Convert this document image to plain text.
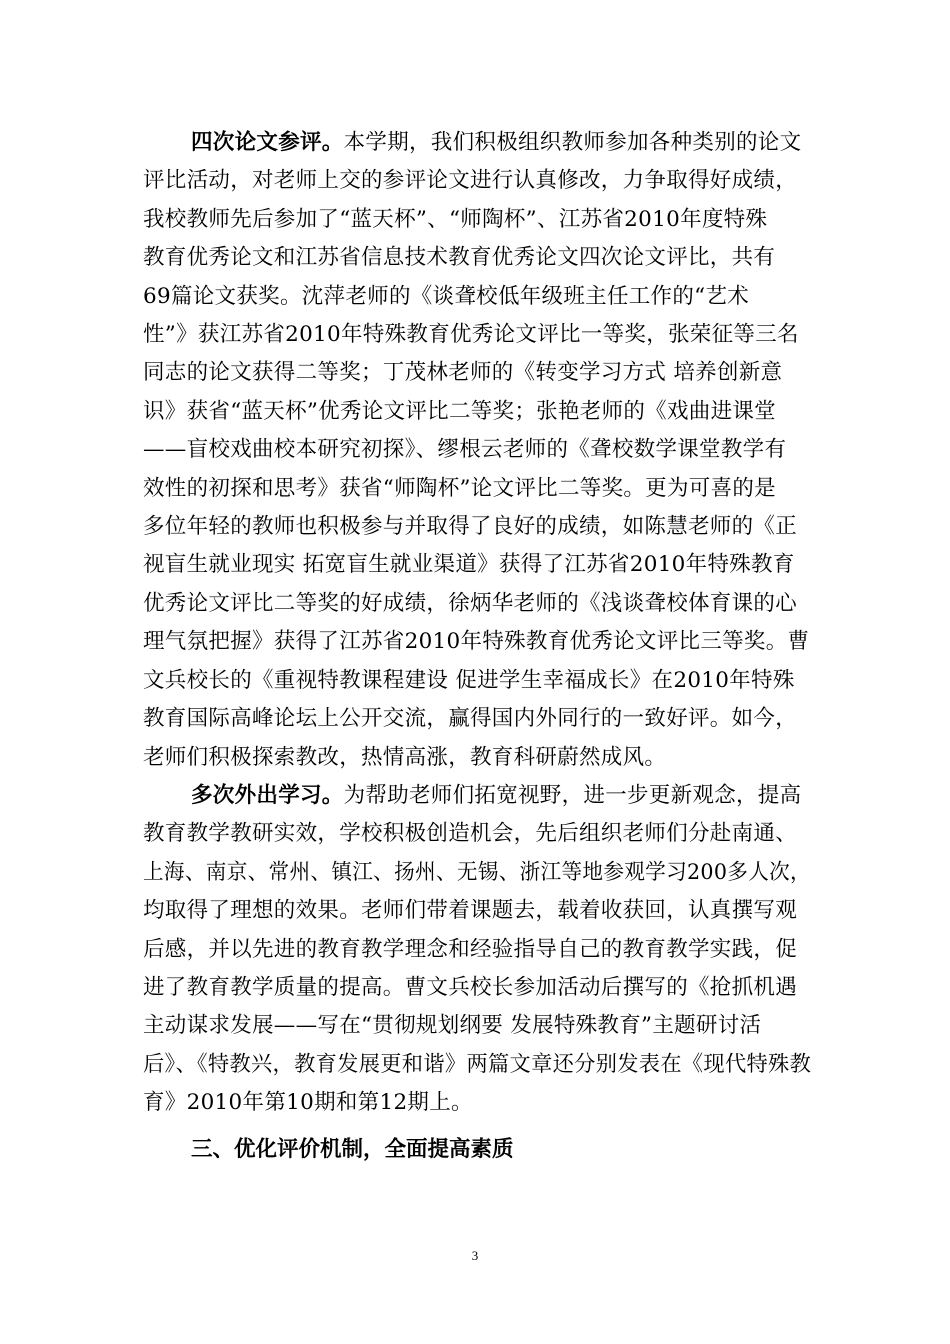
四次论文参评。本学期，我们积极组织教师参加各种类别的论文
评比活动，对老师上交的参评论文进行认真修改，力争取得好成绩，
我校教师先后参加了“蓝天杯”、“师陶杯”、江苏省2010年度特殊
教育优秀论文和江苏省信息技术教育优秀论文四次论文评比，共有
69篇论文获奖。沈萍老师的《谈聋校低年级班主任工作的“艺术
性”》获江苏省2010年特殊教育优秀论文评比一等奖，张荣征等三名
同志的论文获得二等奖；丁茂林老师的《转变学习方式 培养创新意
识》获省“蓝天杯”优秀论文评比二等奖；张艳老师的《戏曲进课堂
——盲校戏曲校本研究初探》、缪根云老师的《聋校数学课堂教学有
效性的初探和思考》获省“师陶杯”论文评比二等奖。更为可喜的是
多位年轻的教师也积极参与并取得了良好的成绩，如陈慧老师的《正
视盲生就业现实 拓宽盲生就业渠道》获得了江苏省2010年特殊教育
优秀论文评比二等奖的好成绩，徐炳华老师的《浅谈聋校体育课的心
理气氛把握》获得了江苏省2010年特殊教育优秀论文评比三等奖。曹
文兵校长的《重视特教课程建设 促进学生幸福成长》在2010年特殊
教育国际高峰论坛上公开交流，赢得国内外同行的一致好评。如今，
老师们积极探索教改，热情高涨，教育科研蔚然成风。
多次外出学习。为帮助老师们拓宽视野，进一步更新观念，提高
教育教学教研实效，学校积极创造机会，先后组织老师们分赴南通、
上海、南京、常州、镇江、扬州、无锡、浙江等地参观学习200多人次，
均取得了理想的效果。老师们带着课题去，载着收获回，认真撰写观
后感，并以先进的教育教学理念和经验指导自己的教育教学实践，促
进了教育教学质量的提高。曹文兵校长参加活动后撰写的《抢抓机遇
主动谋求发展——写在“贯彻规划纲要 发展特殊教育”主题研讨活
后》、《特教兴，教育发展更和谐》两篇文章还分别发表在《现代特殊教
育》2010年第10期和第12期上。
三、优化评价机制，全面提高素质
3
